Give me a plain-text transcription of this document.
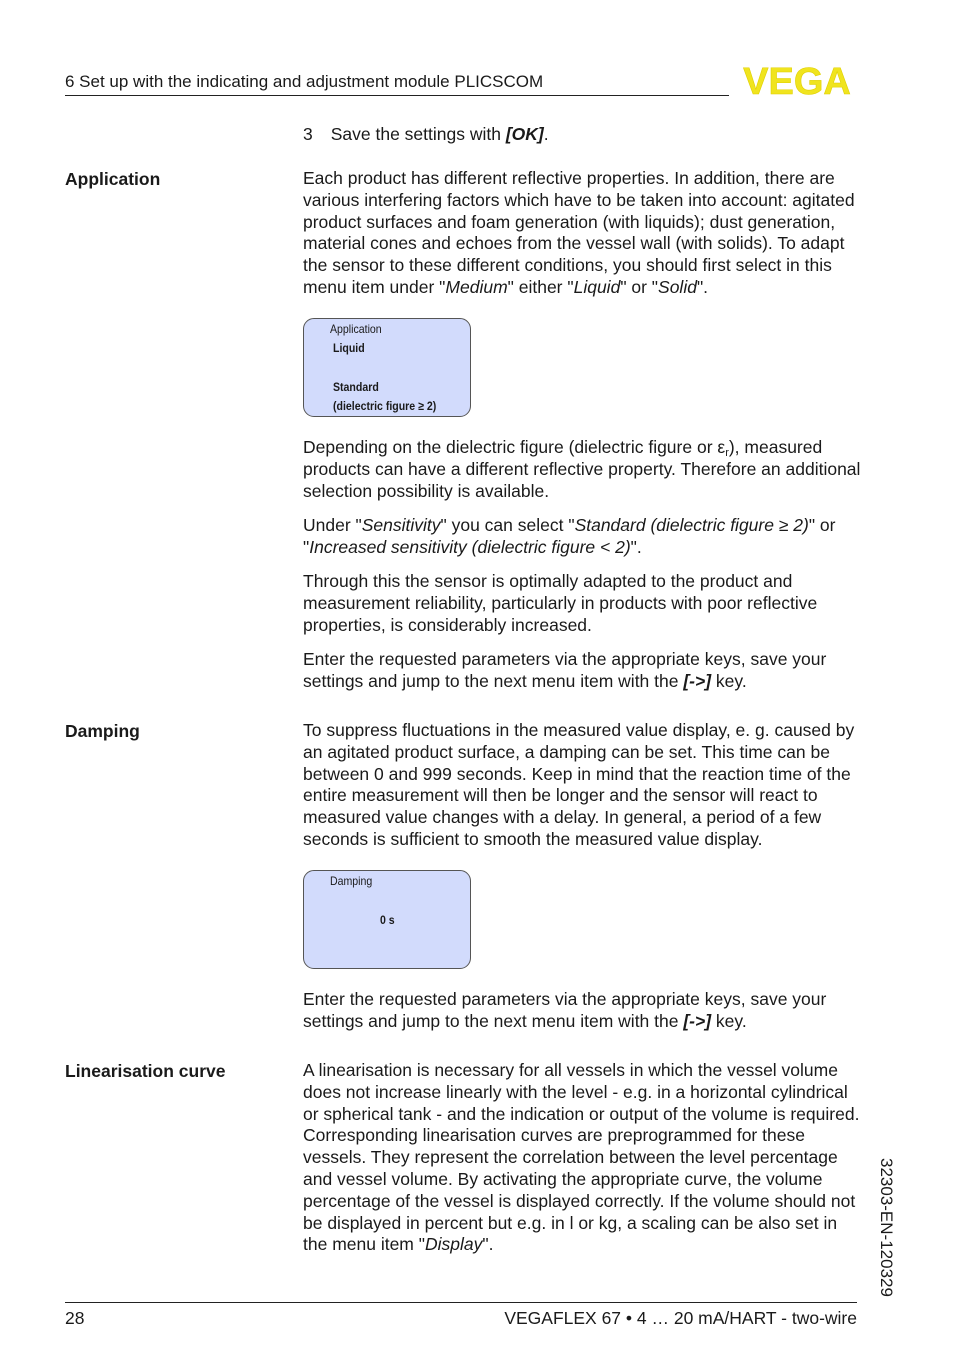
6 Set up with the indicating and adjustment module PLICSCOM	VEGA
3 Save the settings with [OK].
Application	Each product has different reflective properties. In addition, there are various interfering factors which have to be taken into account: agitated product surfaces and foam generation (with liquids); dust generation, material cones and echoes from the vessel wall (with solids). To adapt the sensor to these different conditions, you should first select in this menu item under "Medium" either "Liquid" or "Solid".

Application
Liquid
Standard
(dielectric figure ≥ 2)

Depending on the dielectric figure (dielectric figure or $\varepsilon_r$), measured products can have a different reflective property. Therefore an additional selection possibility is available.

Under "Sensitivity" you can select "Standard (dielectric figure ≥ 2)" or "Increased sensitivity (dielectric figure < 2)".

Through this the sensor is optimally adapted to the product and measurement reliability, particularly in products with poor reflective properties, is considerably increased.

Enter the requested parameters via the appropriate keys, save your settings and jump to the next menu item with the [->] key.

Damping	To suppress fluctuations in the measured value display, e. g. caused by an agitated product surface, a damping can be set. This time can be between 0 and 999 seconds. Keep in mind that the reaction time of the entire measurement will then be longer and the sensor will react to measured value changes with a delay. In general, a period of a few seconds is sufficient to smooth the measured value display.

Damping
0 s

Enter the requested parameters via the appropriate keys, save your settings and jump to the next menu item with the [->] key.

Linearisation curve	A linearisation is necessary for all vessels in which the vessel volume does not increase linearly with the level - e.g. in a horizontal cylindrical or spherical tank - and the indication or output of the volume is required. Corresponding linearisation curves are preprogrammed for these vessels. They represent the correlation between the level percentage and vessel volume. By activating the appropriate curve, the volume percentage of the vessel is displayed correctly. If the volume should not be displayed in percent but e.g. in l or kg, a scaling can be also set in the menu item "Display".	32303-EN-120329
28	VEGAFLEX 67 • 4 … 20 mA/HART - two-wire
